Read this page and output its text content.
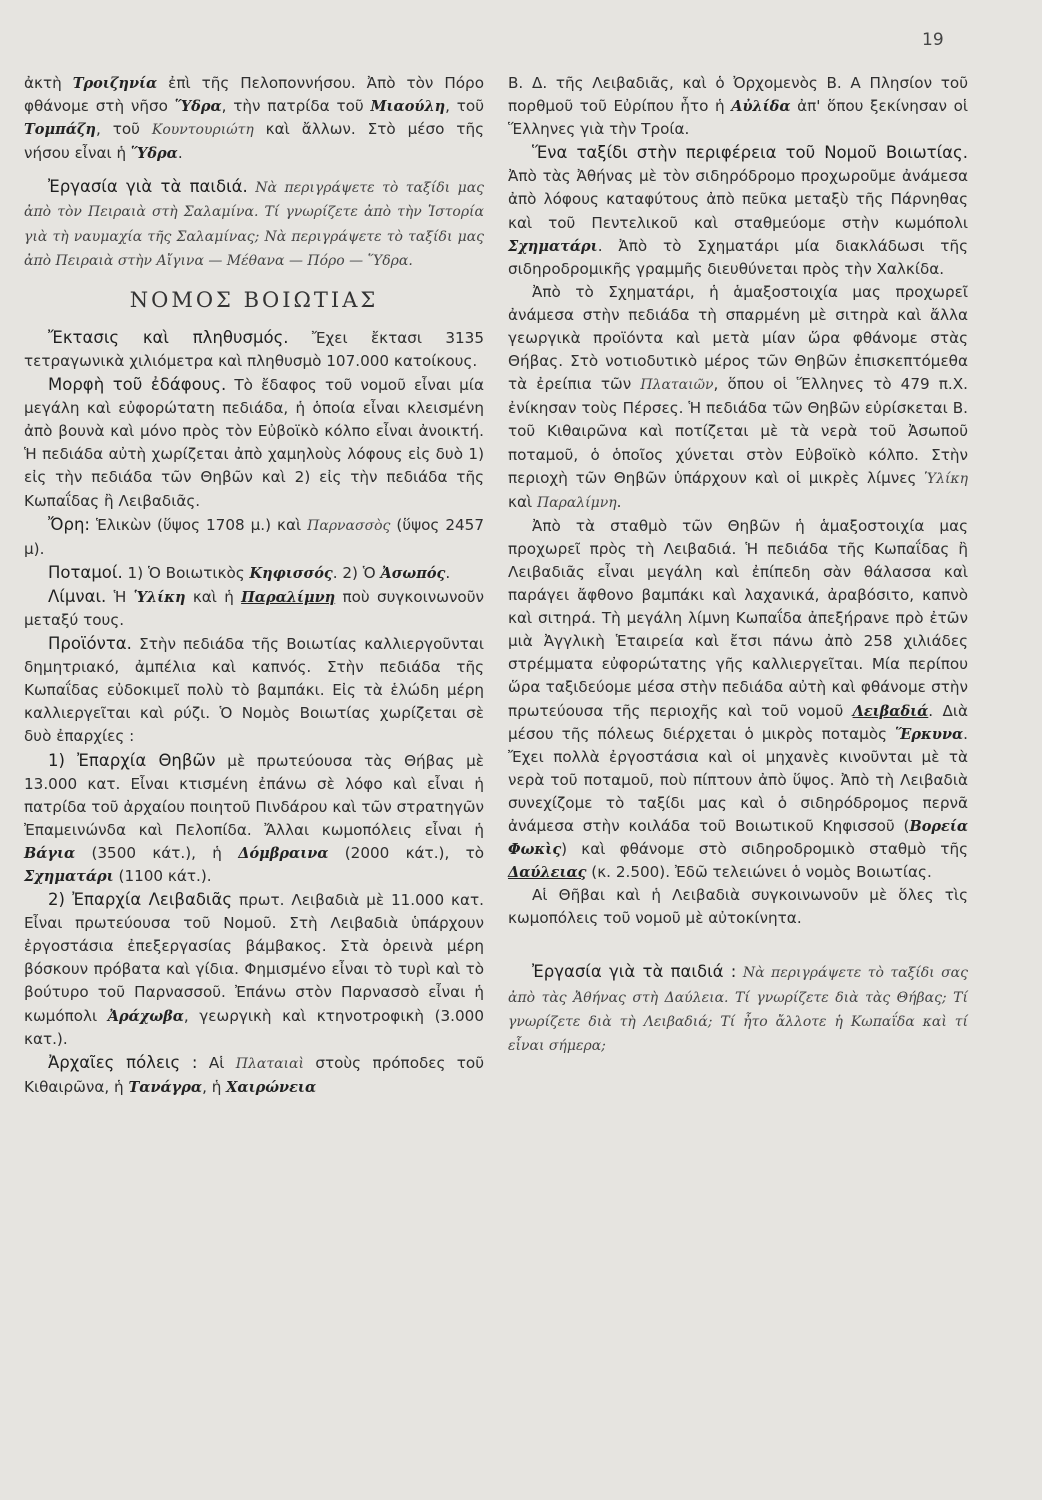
19

ἀκτὴ Τροιζηνία ἐπὶ τῆς Πελοποννήσου. Ἀπὸ τὸν Πόρο φθάνομε στὴ νῆσο Ὕδρα, τὴν πατρίδα τοῦ Μιαούλη, τοῦ Τομπάζη, τοῦ Κουντουριώτη καὶ ἄλλων. Στὸ μέσο τῆς νήσου εἶναι ἡ Ὕδρα.

Ἐργασία γιὰ τὰ παιδιά. Νὰ περιγράψετε τὸ ταξίδι μας ἀπὸ τὸν Πειραιὰ στὴ Σαλαμίνα. Τί γνωρίζετε ἀπὸ τὴν Ἱστορία γιὰ τὴ ναυμαχία τῆς Σαλαμίνας; Νὰ περιγράψετε τὸ ταξίδι μας ἀπὸ Πειραιὰ στὴν Αἴγινα — Μέθανα — Πόρο — Ὕδρα.

ΝΟΜΟΣ ΒΟΙΩΤΙΑΣ

Ἔκτασις καὶ πληθυσμός. Ἔχει ἔκτασι 3135 τετραγωνικὰ χιλιόμετρα καὶ πληθυσμὸ 107.000 κατοίκους.

Μορφὴ τοῦ ἐδάφους. Τὸ ἔδαφος τοῦ νομοῦ εἶναι μία μεγάλη καὶ εὐφορώτατη πεδιάδα, ἡ ὁποία εἶναι κλεισμένη ἀπὸ βουνὰ καὶ μόνο πρὸς τὸν Εὐβοϊκὸ κόλπο εἶναι ἀνοικτή. Ἡ πεδιάδα αὐτὴ χωρίζεται ἀπὸ χαμηλοὺς λόφους εἰς δυὸ 1) εἰς τὴν πεδιάδα τῶν Θηβῶν καὶ 2) εἰς τὴν πεδιάδα τῆς Κωπαΐδας ἢ Λειβαδιᾶς.

Ὄρη: Ἑλικὼν (ὕψος 1708 μ.) καὶ Παρνασσὸς (ὕψος 2457 μ).

Ποταμοί. 1) Ὁ Βοιωτικὸς Κηφισσός. 2) Ὁ Ἀσωπός.

Λίμναι. Ἡ Ὑλίκη καὶ ἡ Παραλίμνη ποὺ συγκοινωνοῦν μεταξύ τους.

Προϊόντα. Στὴν πεδιάδα τῆς Βοιωτίας καλλιεργοῦνται δημητριακό, ἀμπέλια καὶ καπνός. Στὴν πεδιάδα τῆς Κωπαΐδας εὐδοκιμεῖ πολὺ τὸ βαμπάκι. Εἰς τὰ ἑλώδη μέρη καλλιεργεῖται καὶ ρύζι. Ὁ Νομὸς Βοιωτίας χωρίζεται σὲ δυὸ ἐπαρχίες :

1) Ἐπαρχία Θηβῶν μὲ πρωτεύουσα τὰς Θήβας μὲ 13.000 κατ. Εἶναι κτισμένη ἐπάνω σὲ λόφο καὶ εἶναι ἡ πατρίδα τοῦ ἀρχαίου ποιητοῦ Πινδάρου καὶ τῶν στρατηγῶν Ἐπαμεινώνδα καὶ Πελοπίδα. Ἄλλαι κωμοπόλεις εἶναι ἡ Βάγια (3500 κάτ.), ἡ Δόμβραινα (2000 κάτ.), τὸ Σχηματάρι (1100 κάτ.).

2) Ἐπαρχία Λειβαδιᾶς πρωτ. Λειβαδιὰ μὲ 11.000 κατ. Εἶναι πρωτεύουσα τοῦ Νομοῦ. Στὴ Λειβαδιὰ ὑπάρχουν ἐργοστάσια ἐπεξεργασίας βάμβακος. Στὰ ὀρεινὰ μέρη βόσκουν πρόβατα καὶ γίδια. Φημισμένο εἶναι τὸ τυρὶ καὶ τὸ βούτυρο τοῦ Παρνασσοῦ. Ἐπάνω στὸν Παρνασσὸ εἶναι ἡ κωμόπολι Ἀράχωβα, γεωργικὴ καὶ κτηνοτροφικὴ (3.000 κατ.).

Ἀρχαῖες πόλεις : Αἱ Πλαταιαὶ στοὺς πρόποδες τοῦ Κιθαιρῶνα, ἡ Τανάγρα, ἡ Χαιρώνεια

Β. Δ. τῆς Λειβαδιᾶς, καὶ ὁ Ὀρχομενὸς Β. Α Πλησίον τοῦ πορθμοῦ τοῦ Εὐρίπου ἦτο ἡ Αὐλίδα ἀπ' ὅπου ξεκίνησαν οἱ Ἕλληνες γιὰ τὴν Τροία.

Ἕνα ταξίδι στὴν περιφέρεια τοῦ Νομοῦ Βοιωτίας. Ἀπὸ τὰς Ἀθήνας μὲ τὸν σιδηρόδρομο προχωροῦμε ἀνάμεσα ἀπὸ λόφους καταφύτους ἀπὸ πεῦκα μεταξὺ τῆς Πάρνηθας καὶ τοῦ Πεντελικοῦ καὶ σταθμεύομε στὴν κωμόπολι Σχηματάρι. Ἀπὸ τὸ Σχηματάρι μία διακλάδωσι τῆς σιδηροδρομικῆς γραμμῆς διευθύνεται πρὸς τὴν Χαλκίδα.

Ἀπὸ τὸ Σχηματάρι, ἡ ἁμαξοστοιχία μας προχωρεῖ ἀνάμεσα στὴν πεδιάδα τὴ σπαρμένη μὲ σιτηρὰ καὶ ἄλλα γεωργικὰ προϊόντα καὶ μετὰ μίαν ὥρα φθάνομε στὰς Θήβας. Στὸ νοτιοδυτικὸ μέρος τῶν Θηβῶν ἐπισκεπτόμεθα τὰ ἐρείπια τῶν Πλαταιῶν, ὅπου οἱ Ἕλληνες τὸ 479 π.Χ. ἐνίκησαν τοὺς Πέρσες. Ἡ πεδιάδα τῶν Θηβῶν εὑρίσκεται Β. τοῦ Κιθαιρῶνα καὶ ποτίζεται μὲ τὰ νερὰ τοῦ Ἀσωποῦ ποταμοῦ, ὁ ὁποῖος χύνεται στὸν Εὐβοϊκὸ κόλπο. Στὴν περιοχὴ τῶν Θηβῶν ὑπάρχουν καὶ οἱ μικρὲς λίμνες Ὑλίκη καὶ Παραλίμνη.

Ἀπὸ τὰ σταθμὸ τῶν Θηβῶν ἡ ἁμαξοστοιχία μας προχωρεῖ πρὸς τὴ Λειβαδιά. Ἡ πεδιάδα τῆς Κωπαΐδας ἢ Λειβαδιᾶς εἶναι μεγάλη καὶ ἐπίπεδη σὰν θάλασσα καὶ παράγει ἄφθονο βαμπάκι καὶ λαχανικά, ἀραβόσιτο, καπνὸ καὶ σιτηρά. Τὴ μεγάλη λίμνη Κωπαΐδα ἀπεξήρανε πρὸ ἐτῶν μιὰ Ἀγγλικὴ Ἑταιρεία καὶ ἔτσι πάνω ἀπὸ 258 χιλιάδες στρέμματα εὐφορώτατης γῆς καλλιεργεῖται. Μία περίπου ὥρα ταξιδεύομε μέσα στὴν πεδιάδα αὐτὴ καὶ φθάνομε στὴν πρωτεύουσα τῆς περιοχῆς καὶ τοῦ νομοῦ Λειβαδιά. Διὰ μέσου τῆς πόλεως διέρχεται ὁ μικρὸς ποταμὸς Ἕρκυνα. Ἔχει πολλὰ ἐργοστάσια καὶ οἱ μηχανὲς κινοῦνται μὲ τὰ νερὰ τοῦ ποταμοῦ, ποὺ πίπτουν ἀπὸ ὕψος. Ἀπὸ τὴ Λειβαδιὰ συνεχίζομε τὸ ταξίδι μας καὶ ὁ σιδηρόδρομος περνᾶ ἀνάμεσα στὴν κοιλάδα τοῦ Βοιωτικοῦ Κηφισσοῦ (Βορεία Φωκὶς) καὶ φθάνομε στὸ σιδηροδρομικὸ σταθμὸ τῆς Δαύλειας (κ. 2.500). Ἐδῶ τελειώνει ὁ νομὸς Βοιωτίας.

Αἱ Θῆβαι καὶ ἡ Λειβαδιὰ συγκοινωνοῦν μὲ ὅλες τὶς κωμοπόλεις τοῦ νομοῦ μὲ αὐτοκίνητα.

Ἐργασία γιὰ τὰ παιδιά : Νὰ περιγράψετε τὸ ταξίδι σας ἀπὸ τὰς Ἀθήνας στὴ Δαύλεια. Τί γνωρίζετε διὰ τὰς Θήβας; Τί γνωρίζετε διὰ τὴ Λειβαδιά; Τί ἦτο ἄλλοτε ἡ Κωπαΐδα καὶ τί εἶναι σήμερα;
